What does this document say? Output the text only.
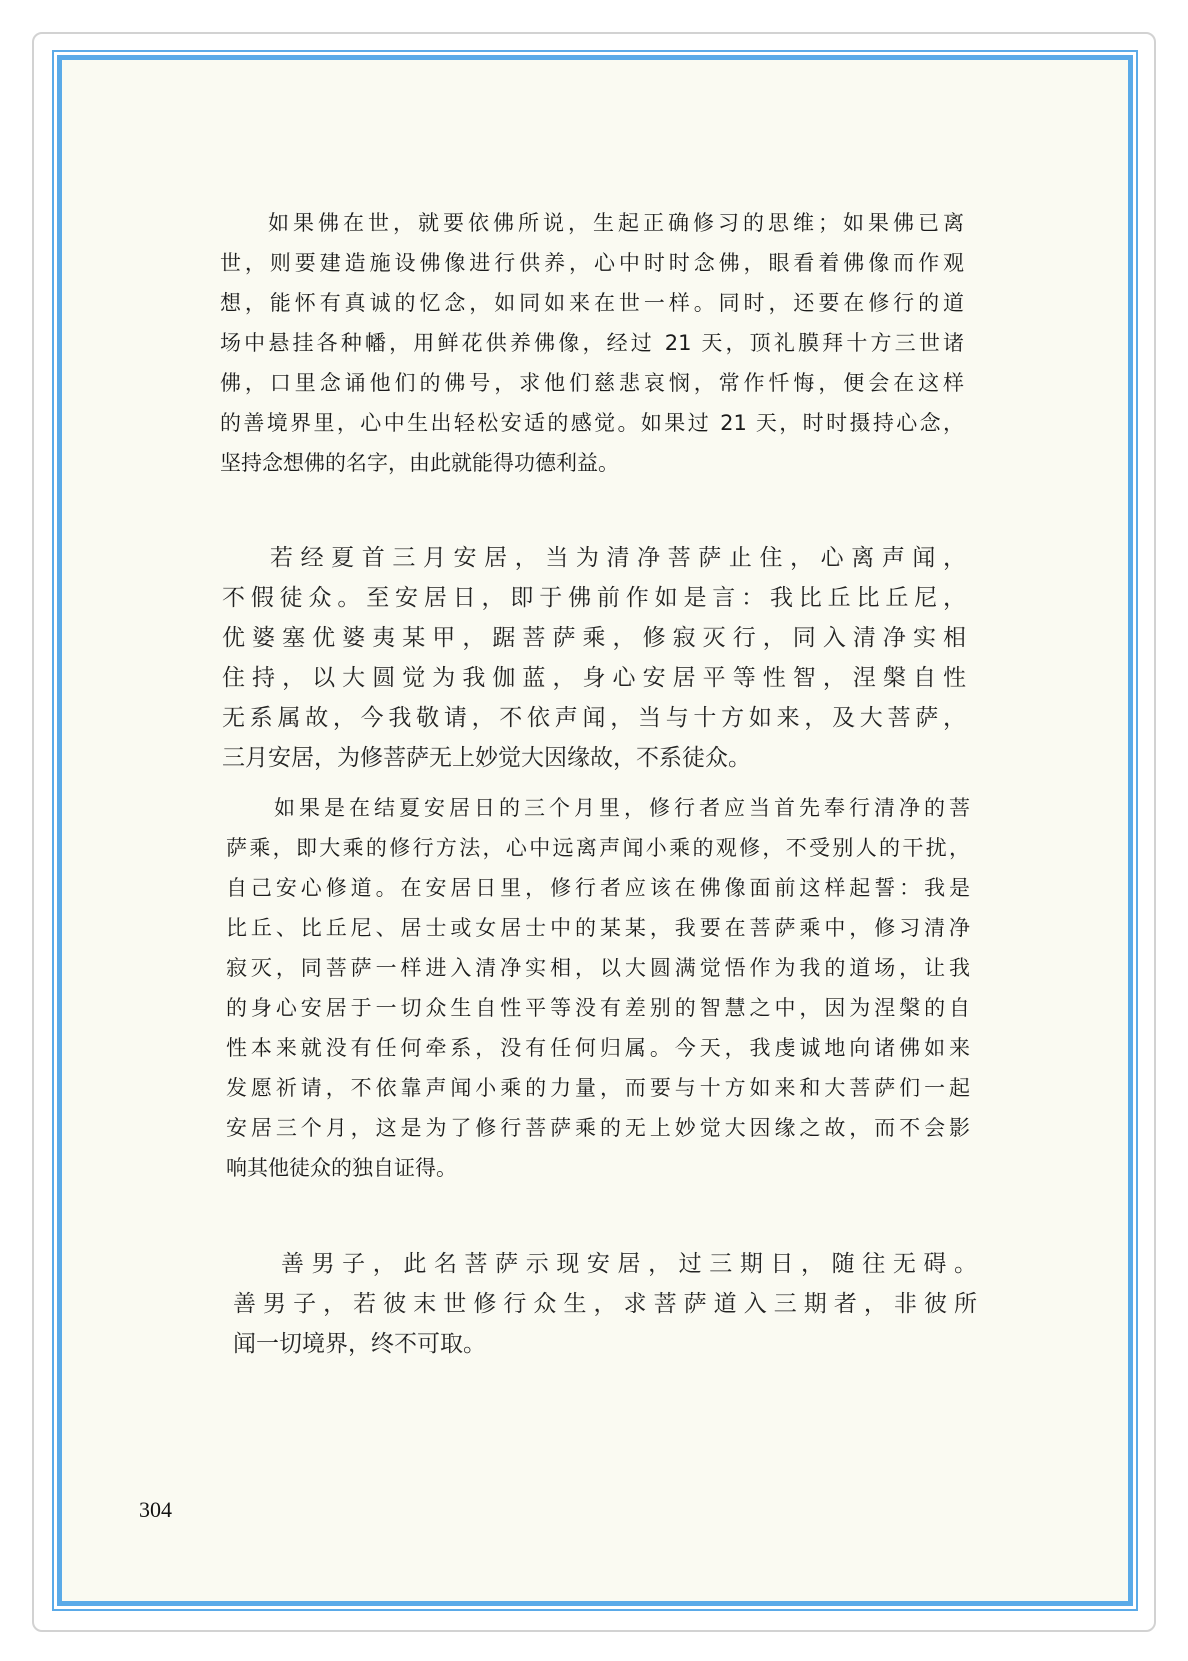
如果佛在世，就要依佛所说，生起正确修习的思维；如果佛已离
世，则要建造施设佛像进行供养，心中时时念佛，眼看着佛像而作观
想，能怀有真诚的忆念，如同如来在世一样。同时，还要在修行的道
场中悬挂各种幡，用鲜花供养佛像，经过 21 天，顶礼膜拜十方三世诸
佛，口里念诵他们的佛号，求他们慈悲哀悯，常作忏悔，便会在这样
的善境界里，心中生出轻松安适的感觉。如果过 21 天，时时摄持心念，
坚持念想佛的名字，由此就能得功德利益。
若经夏首三月安居，当为清净菩萨止住，心离声闻，
不假徒众。至安居日，即于佛前作如是言：我比丘比丘尼，
优婆塞优婆夷某甲，踞菩萨乘，修寂灭行，同入清净实相
住持，以大圆觉为我伽蓝，身心安居平等性智，涅槃自性
无系属故，今我敬请，不依声闻，当与十方如来，及大菩萨，
三月安居，为修菩萨无上妙觉大因缘故，不系徒众。
如果是在结夏安居日的三个月里，修行者应当首先奉行清净的菩
萨乘，即大乘的修行方法，心中远离声闻小乘的观修，不受别人的干扰，
自己安心修道。在安居日里，修行者应该在佛像面前这样起誓：我是
比丘、比丘尼、居士或女居士中的某某，我要在菩萨乘中，修习清净
寂灭，同菩萨一样进入清净实相，以大圆满觉悟作为我的道场，让我
的身心安居于一切众生自性平等没有差别的智慧之中，因为涅槃的自
性本来就没有任何牵系，没有任何归属。今天，我虔诚地向诸佛如来
发愿祈请，不依靠声闻小乘的力量，而要与十方如来和大菩萨们一起
安居三个月，这是为了修行菩萨乘的无上妙觉大因缘之故，而不会影
响其他徒众的独自证得。
善男子，此名菩萨示现安居，过三期日，随往无碍。
善男子，若彼末世修行众生，求菩萨道入三期者，非彼所
闻一切境界，终不可取。
304
